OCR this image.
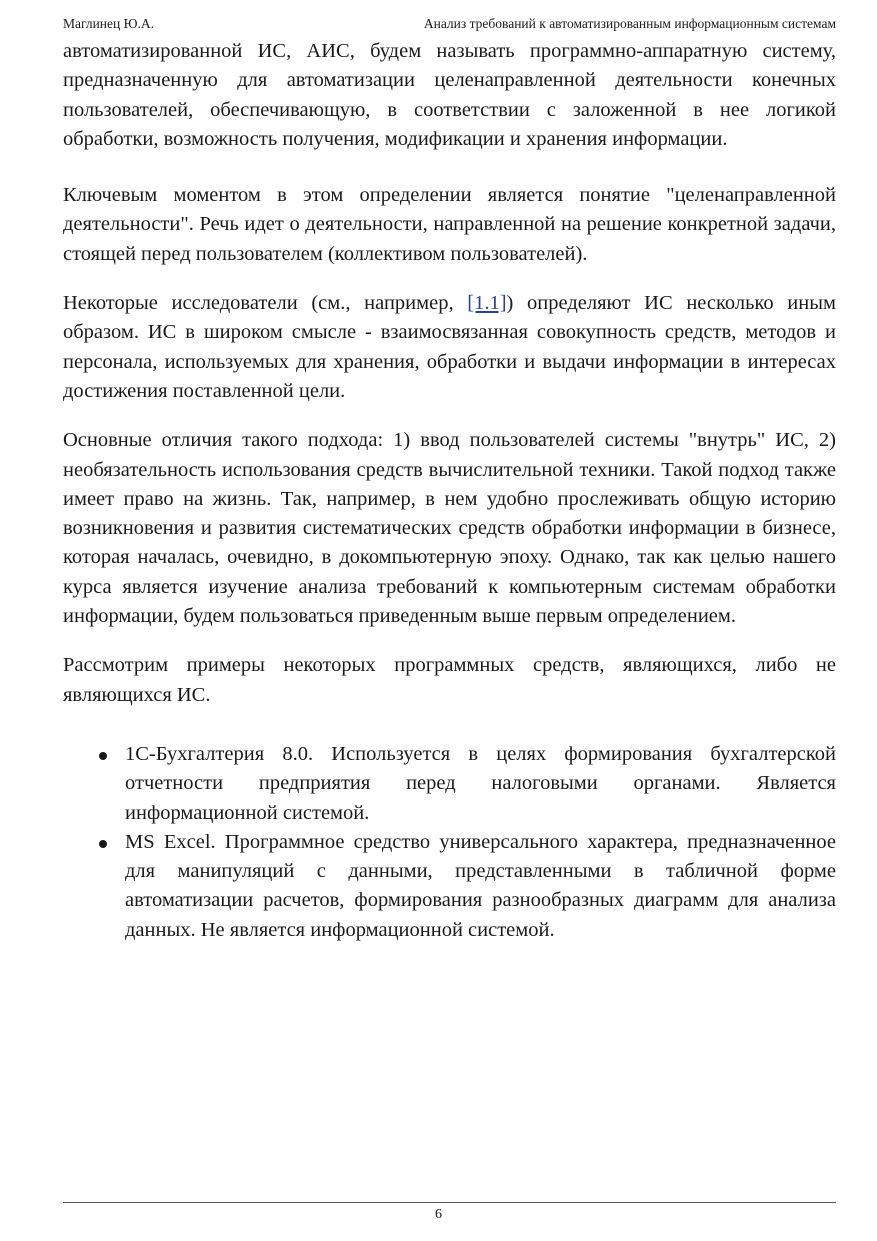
Маглинец Ю.А.	Анализ требований к автоматизированным информационным системам

автоматизированной ИС, АИС, будем называть программно-аппаратную систему, предназначенную для автоматизации целенаправленной деятельности конечных пользователей, обеспечивающую, в соответствии с заложенной в нее логикой обработки, возможность получения, модификации и хранения информации.

Ключевым моментом в этом определении является понятие "целенаправленной деятельности". Речь идет о деятельности, направленной на решение конкретной задачи, стоящей перед пользователем (коллективом пользователей).

Некоторые исследователи (см., например, [1.1]) определяют ИС несколько иным образом. ИС в широком смысле - взаимосвязанная совокупность средств, методов и персонала, используемых для хранения, обработки и выдачи информации в интересах достижения поставленной цели.

Основные отличия такого подхода: 1) ввод пользователей системы "внутрь" ИС, 2) необязательность использования средств вычислительной техники. Такой подход также имеет право на жизнь. Так, например, в нем удобно прослеживать общую историю возникновения и развития систематических средств обработки информации в бизнесе, которая началась, очевидно, в докомпьютерную эпоху. Однако, так как целью нашего курса является изучение анализа требований к компьютерным системам обработки информации, будем пользоваться приведенным выше первым определением.

Рассмотрим примеры некоторых программных средств, являющихся, либо не являющихся ИС.

1С-Бухгалтерия 8.0. Используется в целях формирования бухгалтерской отчетности предприятия перед налоговыми органами. Является информационной системой.
MS Excel. Программное средство универсального характера, предназначенное для манипуляций с данными, представленными в табличной форме автоматизации расчетов, формирования разнообразных диаграмм для анализа данных. Не является информационной системой.
6
